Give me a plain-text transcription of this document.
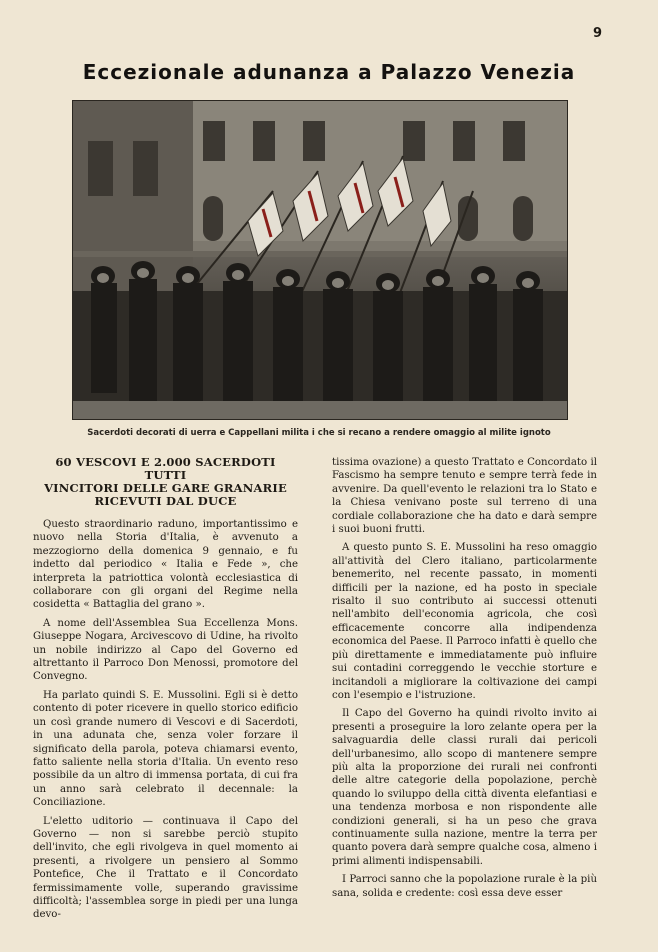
9
Eccezionale adunanza a Palazzo Venezia
Sacerdoti decorati di uerra e Cappellani milita i che si recano a rendere omaggio al milite ignoto
60 VESCOVI E 2.000 SACERDOTI TUTTI
VINCITORI DELLE GARE GRANARIE
RICEVUTI DAL DUCE

Questo straordinario raduno, importantissimo e nuovo nella Storia d'Italia, è avvenuto a mezzogiorno della domenica 9 gennaio, e fu indetto dal periodico « Italia e Fede », che interpreta la patriottica volontà ecclesiastica di collaborare con gli organi del Regime nella cosidetta « Battaglia del grano ».

A nome dell'Assemblea Sua Eccellenza Mons. Giuseppe Nogara, Arcivescovo di Udine, ha rivolto un nobile indirizzo al Capo del Governo ed altrettanto il Parroco Don Menossi, promotore del Convegno.

Ha parlato quindi S. E. Mussolini. Egli si è detto contento di poter ricevere in quello storico edificio un così grande numero di Vescovi e di Sacerdoti, in una adunata che, senza voler forzare il significato della parola, poteva chiamarsi evento, fatto saliente nella storia d'Italia. Un evento reso possibile da un altro di immensa portata, di cui fra un anno sarà celebrato il decennale: la Conciliazione.

L'eletto uditorio — continuava il Capo del Governo — non si sarebbe perciò stupito dell'invito, che egli rivolgeva in quel momento ai presenti, a rivolgere un pensiero al Sommo Pontefice, Che il Trattato e il Concordato fermissimamente volle, superando gravissime difficoltà; l'assemblea sorge in piedi per una lunga devo-

tissima ovazione) a questo Trattato e Concordato il Fascismo ha sempre tenuto e sempre terrà fede in avvenire. Da quell'evento le relazioni tra lo Stato e la Chiesa venivano poste sul terreno di una cordiale collaborazione che ha dato e darà sempre i suoi buoni frutti.

A questo punto S. E. Mussolini ha reso omaggio all'attività del Clero italiano, particolarmente benemerito, nel recente passato, in momenti difficili per la nazione, ed ha posto in speciale risalto il suo contributo ai successi ottenuti nell'ambito dell'economia agricola, che così efficacemente concorre alla indipendenza economica del Paese. Il Parroco infatti è quello che più direttamente e immediatamente può influire sui contadini correggendo le vecchie storture e incitandoli a migliorare la coltivazione dei campi con l'esempio e l'istruzione.

Il Capo del Governo ha quindi rivolto invito ai presenti a proseguire la loro zelante opera per la salvaguardia delle classi rurali dai pericoli dell'urbanesimo, allo scopo di mantenere sempre più alta la proporzione dei rurali nei confronti delle altre categorie della popolazione, perchè quando lo sviluppo della città diventa elefantiasi e una tendenza morbosa e non rispondente alle condizioni generali, si ha un peso che grava continuamente sulla nazione, mentre la terra per quanto povera darà sempre qualche cosa, almeno i primi alimenti indispensabili.

I Parroci sanno che la popolazione rurale è la più sana, solida e credente: così essa deve esser
